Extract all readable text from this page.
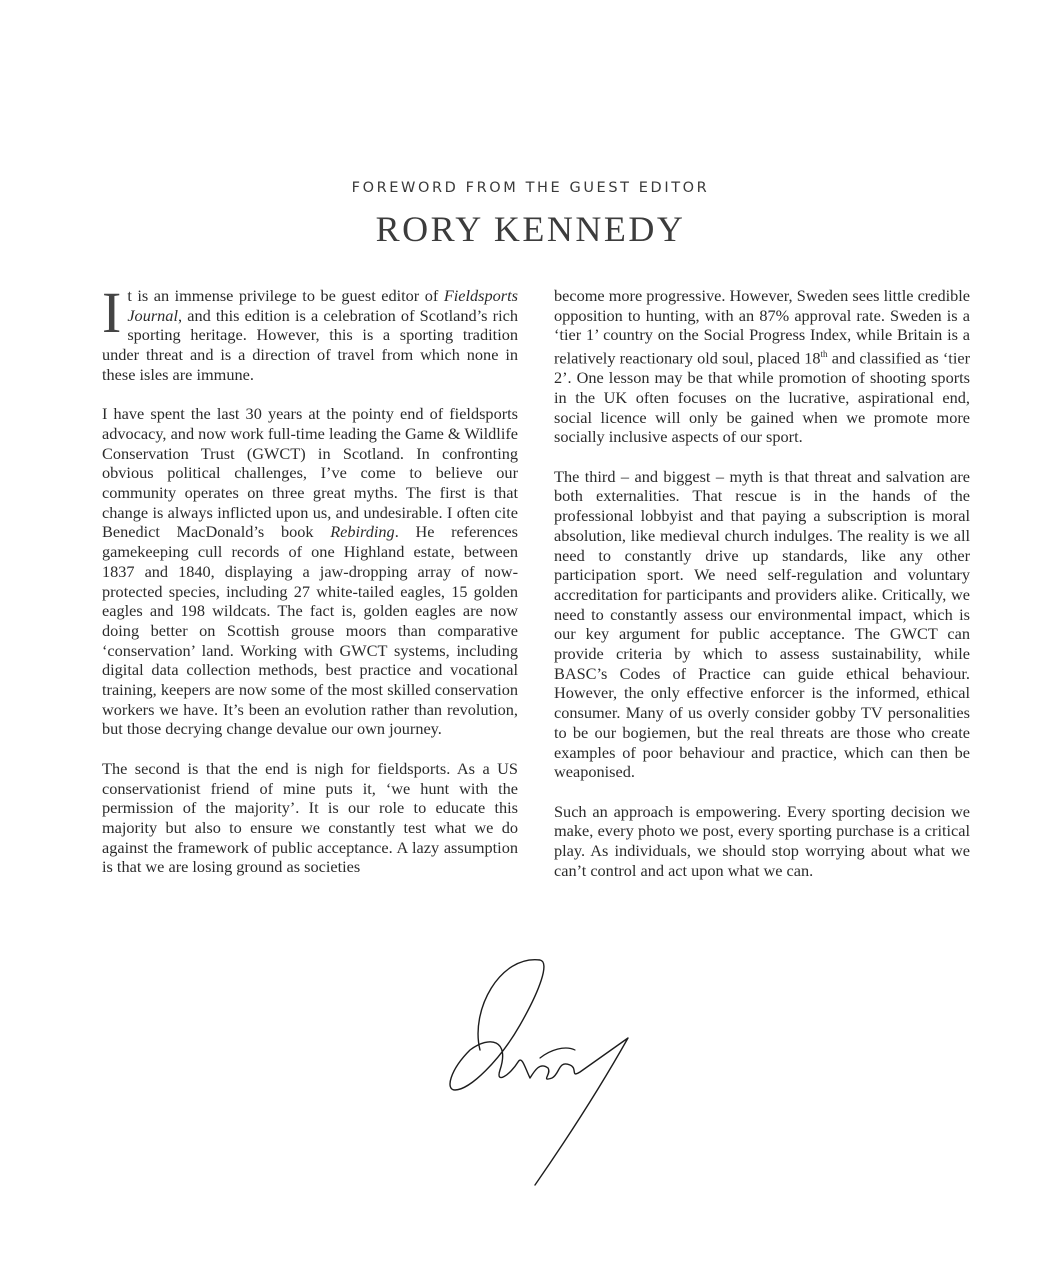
FOREWORD FROM THE GUEST EDITOR
RORY KENNEDY

It is an immense privilege to be guest editor of Fieldsports Journal, and this edition is a celebration of Scotland’s rich sporting heritage. However, this is a sporting tradition under threat and is a direction of travel from which none in these isles are immune.

I have spent the last 30 years at the pointy end of fieldsports advocacy, and now work full-time leading the Game & Wildlife Conservation Trust (GWCT) in Scotland. In confronting obvious political challenges, I’ve come to believe our community operates on three great myths. The first is that change is always inflicted upon us, and undesirable. I often cite Benedict MacDonald’s book Rebirding. He references gamekeeping cull records of one Highland estate, between 1837 and 1840, displaying a jaw-dropping array of now-protected species, including 27 white-tailed eagles, 15 golden eagles and 198 wildcats. The fact is, golden eagles are now doing better on Scottish grouse moors than comparative ‘conservation’ land. Working with GWCT systems, including digital data collection methods, best practice and vocational training, keepers are now some of the most skilled conservation workers we have. It’s been an evolution rather than revolution, but those decrying change devalue our own journey.

The second is that the end is nigh for fieldsports. As a US conservationist friend of mine puts it, ‘we hunt with the permission of the majority’. It is our role to educate this majority but also to ensure we constantly test what we do against the framework of public acceptance. A lazy assumption is that we are losing ground as societies

become more progressive. However, Sweden sees little credible opposition to hunting, with an 87% approval rate. Sweden is a ‘tier 1’ country on the Social Progress Index, while Britain is a relatively reactionary old soul, placed 18th and classified as ‘tier 2’. One lesson may be that while promotion of shooting sports in the UK often focuses on the lucrative, aspirational end, social licence will only be gained when we promote more socially inclusive aspects of our sport.

The third – and biggest – myth is that threat and salvation are both externalities. That rescue is in the hands of the professional lobbyist and that paying a subscription is moral absolution, like medieval church indulges. The reality is we all need to constantly drive up standards, like any other participation sport. We need self-regulation and voluntary accreditation for participants and providers alike. Critically, we need to constantly assess our environmental impact, which is our key argument for public acceptance. The GWCT can provide criteria by which to assess sustainability, while BASC’s Codes of Practice can guide ethical behaviour. However, the only effective enforcer is the informed, ethical consumer. Many of us overly consider gobby TV personalities to be our bogiemen, but the real threats are those who create examples of poor behaviour and practice, which can then be weaponised.

Such an approach is empowering. Every sporting decision we make, every photo we post, every sporting purchase is a critical play. As individuals, we should stop worrying about what we can’t control and act upon what we can.
